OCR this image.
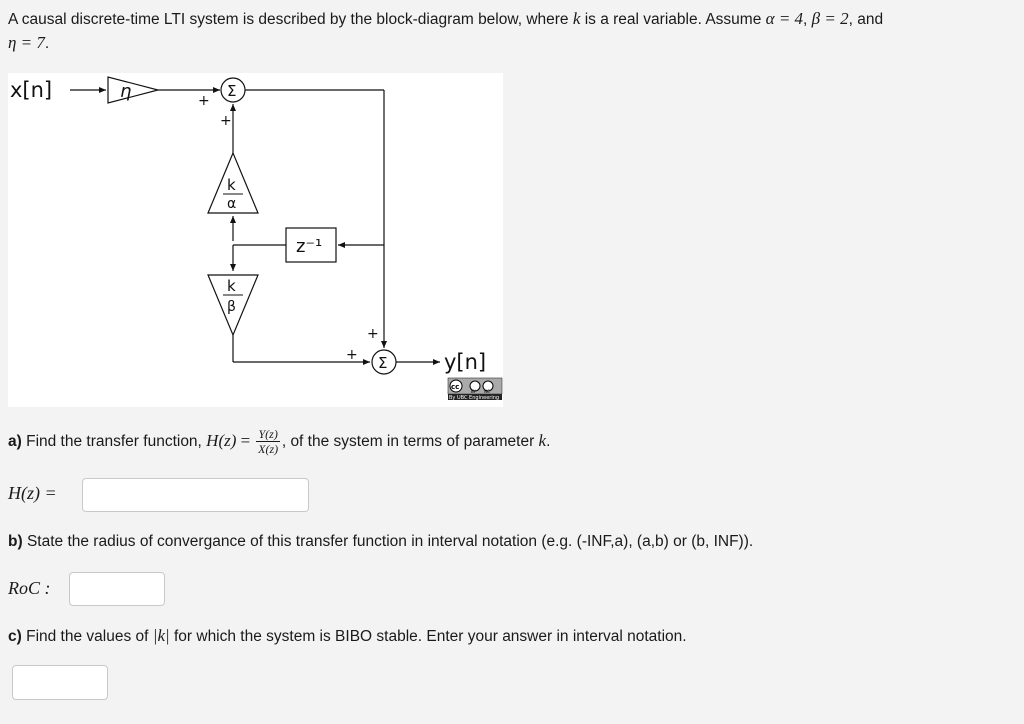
A causal discrete-time LTI system is described by the block-diagram below, where k is a real variable. Assume α = 4, β = 2, and
η = 7.
x[n]	η	Σ
+
+
k
α
z⁻¹
k
β
Σ
+
+	y[n]
cc
BY NC
By UBC Engineering
a) Find the transfer function, $H(z) = \frac{Y(z)}{X(z)}$ , of the system in terms of parameter k.
H(z) =
b) State the radius of convergance of this transfer function in interval notation (e.g. (-INF,a), (a,b) or (b, INF)).
RoC :
c) Find the values of |k| for which the system is BIBO stable. Enter your answer in interval notation.
